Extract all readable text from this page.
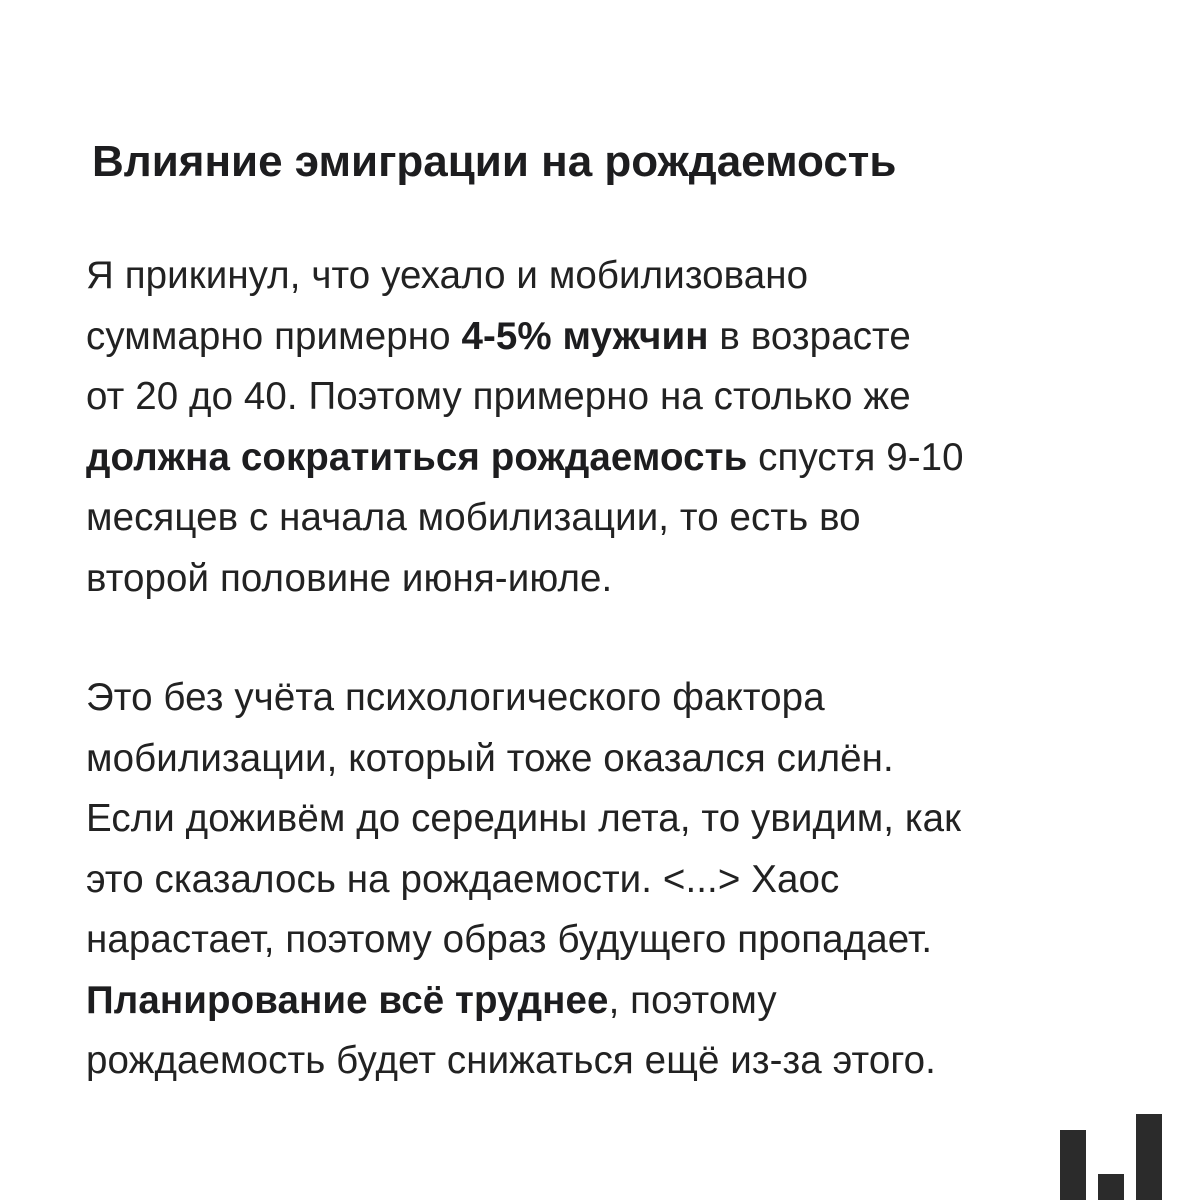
Влияние эмиграции на рождаемость

Я прикинул, что уехало и мобилизовано
суммарно примерно 4-5% мужчин в возрасте
от 20 до 40. Поэтому примерно на столько же
должна сократиться рождаемость спустя 9-10
месяцев с начала мобилизации, то есть во
второй половине июня-июле.

Это без учёта психологического фактора
мобилизации, который тоже оказался силён.
Если доживём до середины лета, то увидим, как
это сказалось на рождаемости. <...> Хаос
нарастает, поэтому образ будущего пропадает.
Планирование всё труднее, поэтому
рождаемость будет снижаться ещё из-за этого.
